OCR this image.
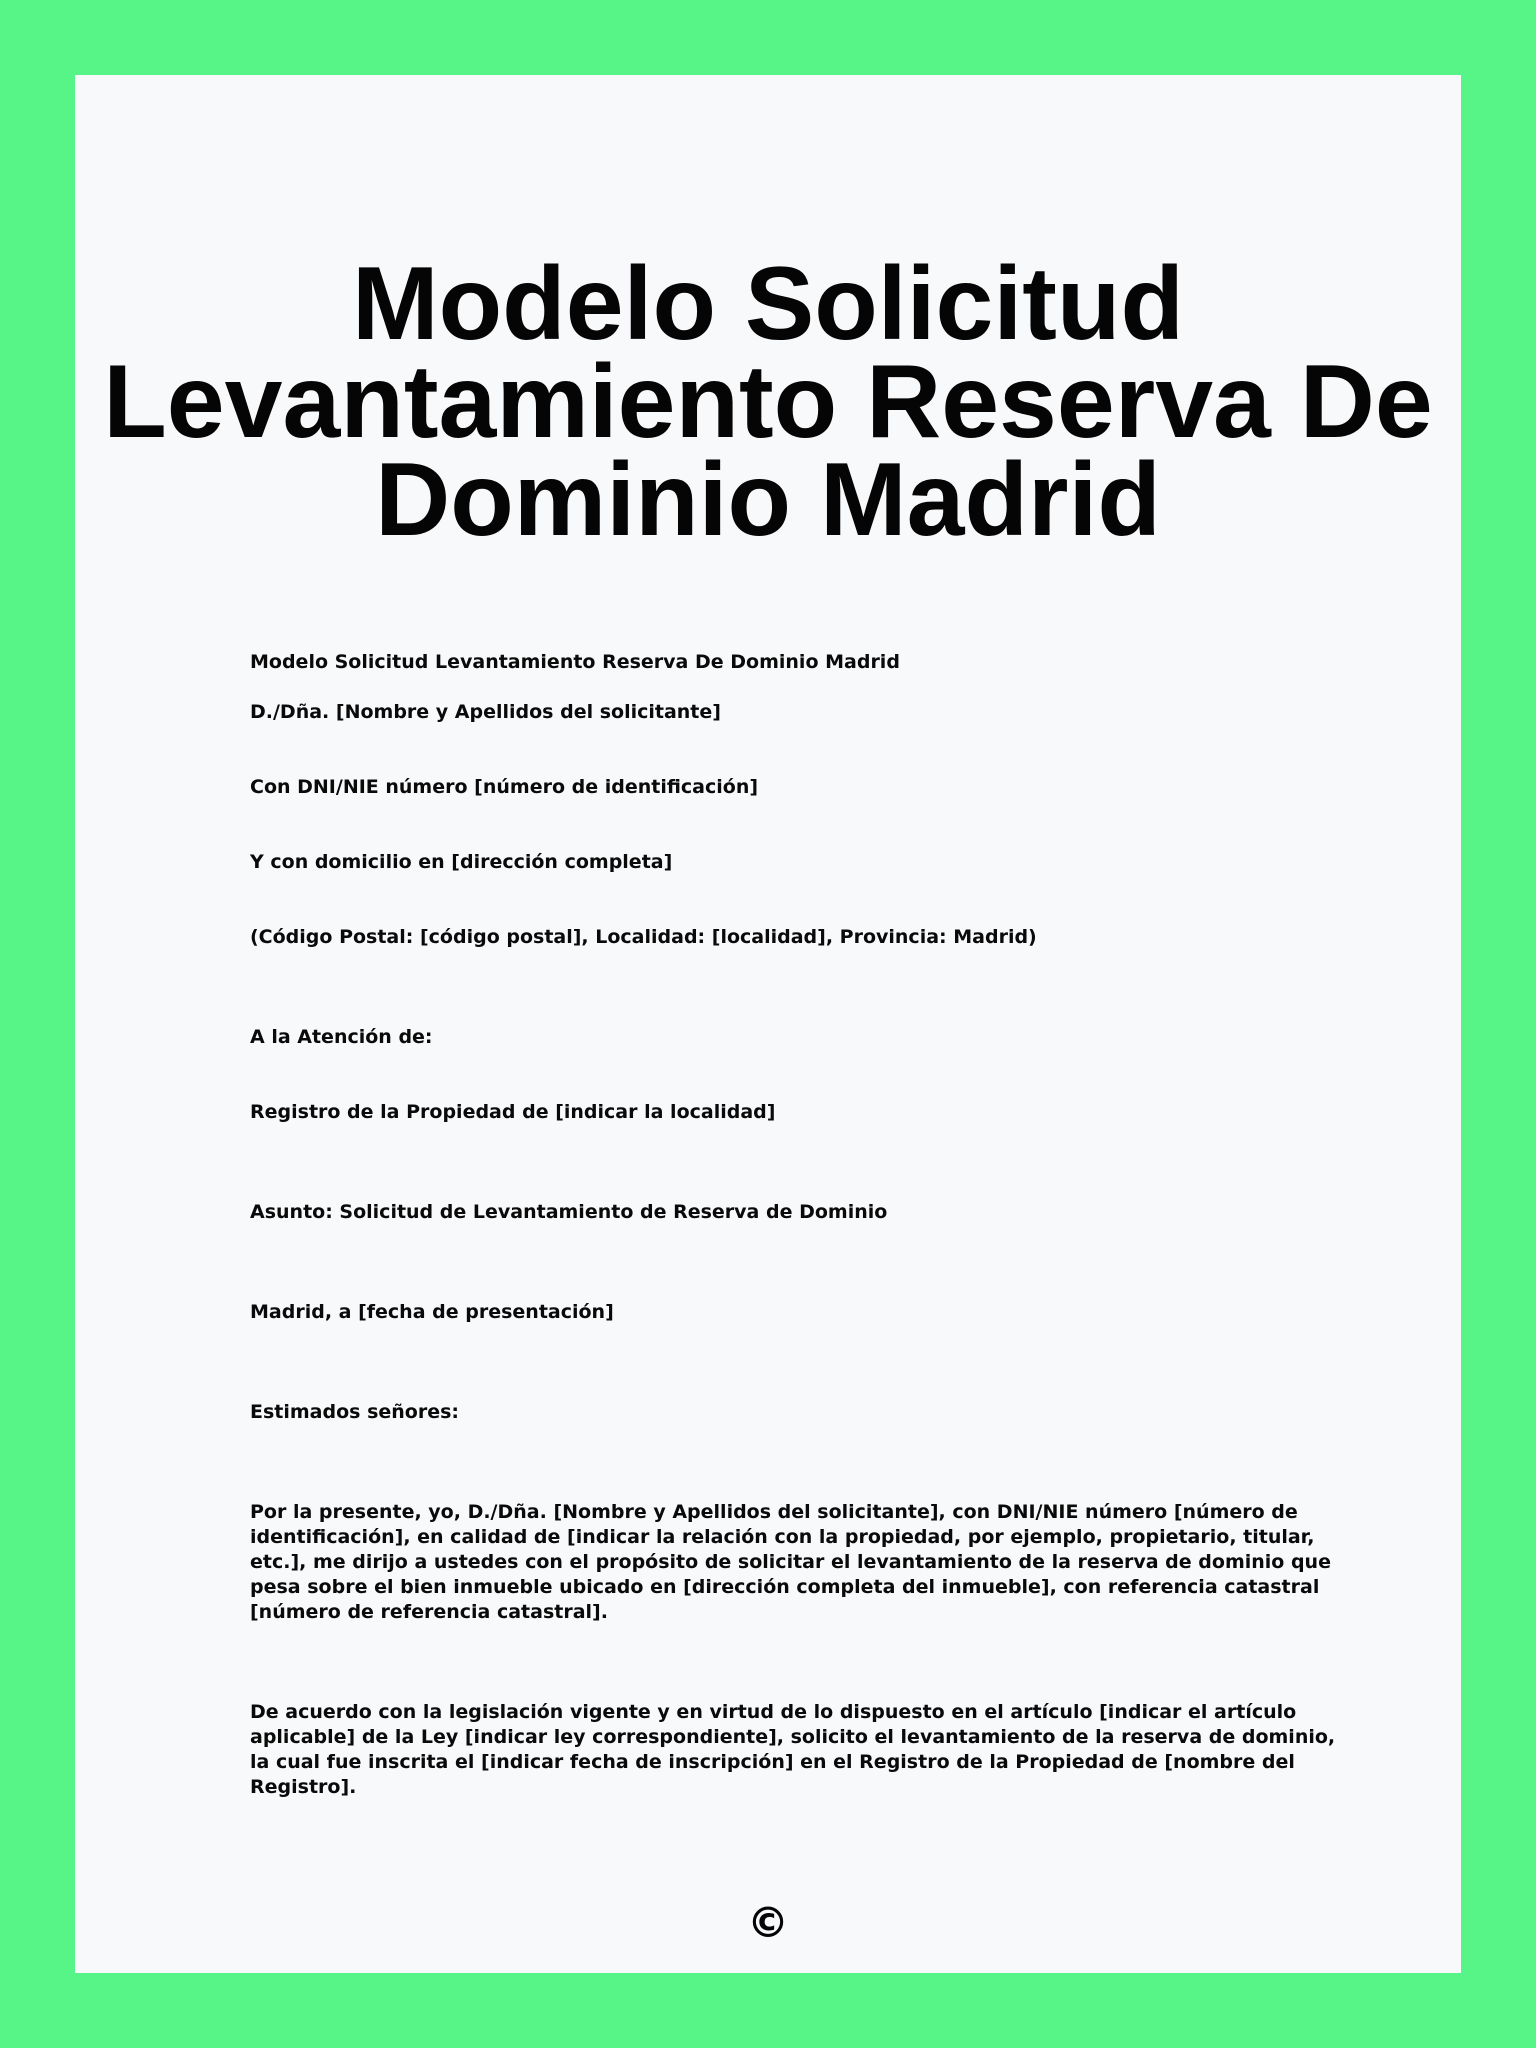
Modelo Solicitud Levantamiento Reserva De Dominio Madrid

Modelo Solicitud Levantamiento Reserva De Dominio Madrid

D./Dña. [Nombre y Apellidos del solicitante]

Con DNI/NIE número [número de identificación]

Y con domicilio en [dirección completa]

(Código Postal: [código postal], Localidad: [localidad], Provincia: Madrid)

A la Atención de:

Registro de la Propiedad de [indicar la localidad]

Asunto: Solicitud de Levantamiento de Reserva de Dominio

Madrid, a [fecha de presentación]

Estimados señores:

Por la presente, yo, D./Dña. [Nombre y Apellidos del solicitante], con DNI/NIE número [número de identificación], en calidad de [indicar la relación con la propiedad, por ejemplo, propietario, titular, etc.], me dirijo a ustedes con el propósito de solicitar el levantamiento de la reserva de dominio que pesa sobre el bien inmueble ubicado en [dirección completa del inmueble], con referencia catastral [número de referencia catastral].

De acuerdo con la legislación vigente y en virtud de lo dispuesto en el artículo [indicar el artículo aplicable] de la Ley [indicar ley correspondiente], solicito el levantamiento de la reserva de dominio, la cual fue inscrita el [indicar fecha de inscripción] en el Registro de la Propiedad de [nombre del Registro].

©
